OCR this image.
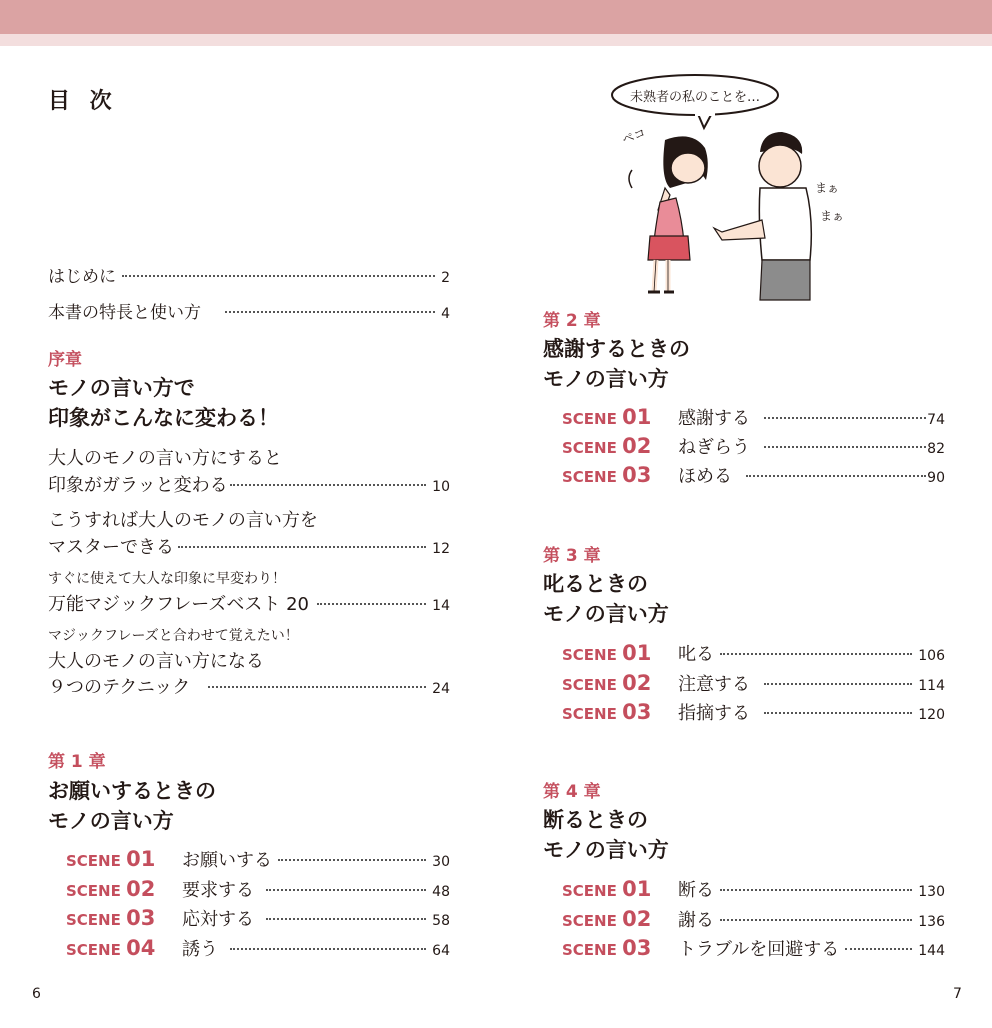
目 次
はじめに	2
本書の特長と使い方	4
序章
モノの言い方で
印象がこんなに変わる！
大人のモノの言い方にすると
印象がガラッと変わる	10
こうすれば大人のモノの言い方を
マスターできる	12
すぐに使えて大人な印象に早変わり！
万能マジックフレーズベスト 20	14
マジックフレーズと合わせて覚えたい！
大人のモノの言い方になる
９つのテクニック	24
第 1 章
お願いするときの
モノの言い方
SCENE 01	お願いする	30
SCENE 02	要求する	48
SCENE 03	応対する	58
SCENE 04	誘う	64
6
未熟者の私のことを…
ペコ
まぁ
まぁ
第 2 章
感謝するときの
モノの言い方
SCENE 01	感謝する	74
SCENE 02	ねぎらう	82
SCENE 03	ほめる	90
第 3 章
叱るときの
モノの言い方
SCENE 01	叱る	106
SCENE 02	注意する	114
SCENE 03	指摘する	120
第 4 章
断るときの
モノの言い方
SCENE 01	断る	130
SCENE 02	謝る	136
SCENE 03	トラブルを回避する	144
7
